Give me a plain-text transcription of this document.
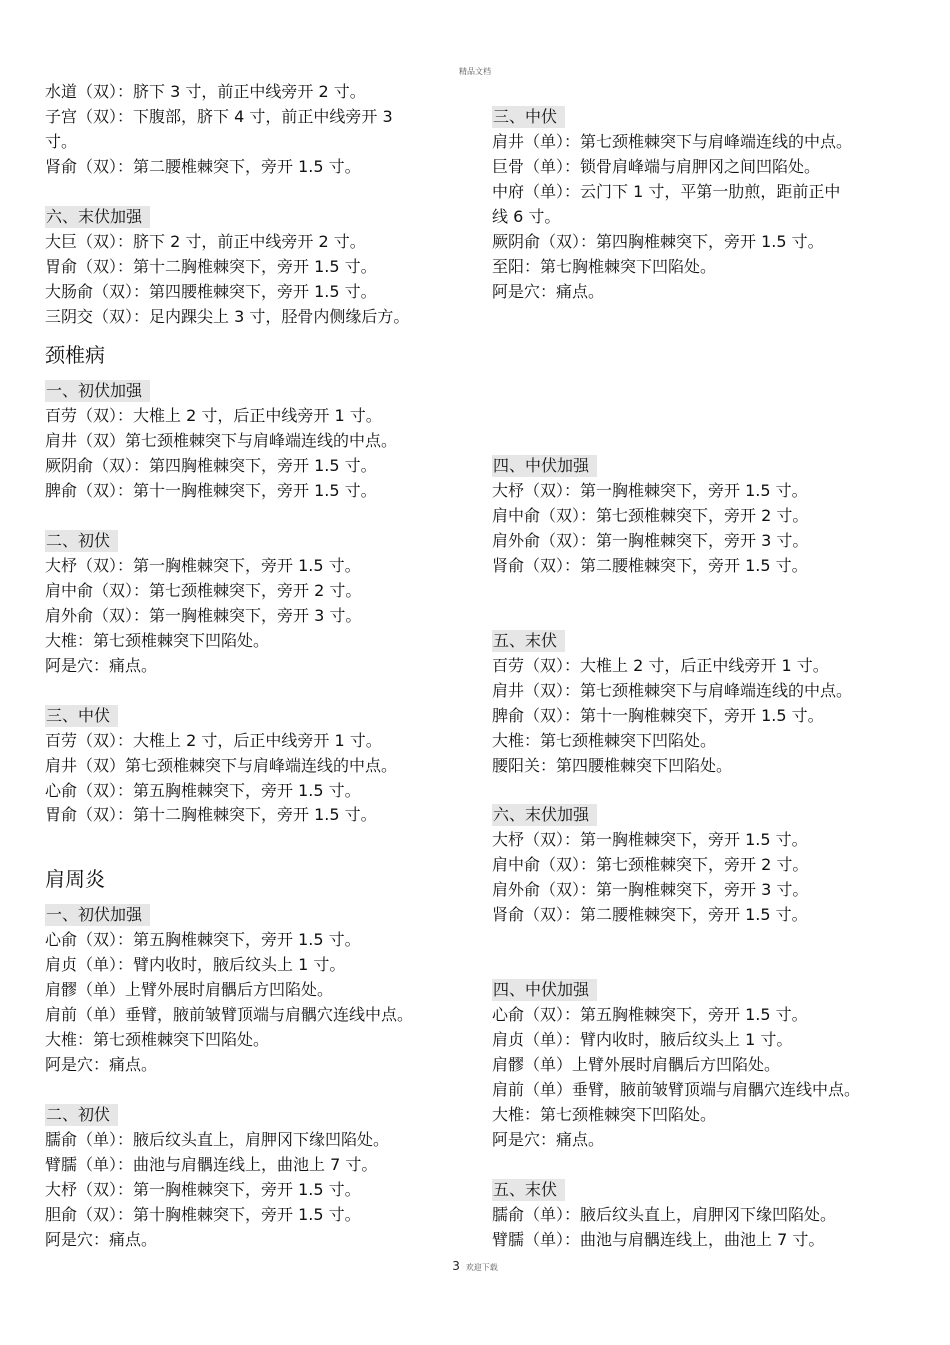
精品文档
水道（双）：脐下 3 寸，前正中线旁开 2 寸。
子宫（双）：下腹部，脐下 4 寸，前正中线旁开 3
寸。
肾俞（双）：第二腰椎棘突下，旁开 1.5 寸。
六、末伏加强
大巨（双）：脐下 2 寸，前正中线旁开 2 寸。
胃俞（双）：第十二胸椎棘突下，旁开 1.5 寸。
大肠俞（双）：第四腰椎棘突下，旁开 1.5 寸。
三阴交（双）：足内踝尖上 3 寸，胫骨内侧缘后方。
颈椎病
一、初伏加强
百劳（双）：大椎上 2 寸，后正中线旁开 1 寸。
肩井（双）第七颈椎棘突下与肩峰端连线的中点。
厥阴俞（双）：第四胸椎棘突下，旁开 1.5 寸。
脾俞（双）：第十一胸椎棘突下，旁开 1.5 寸。
二、初伏
大杼（双）：第一胸椎棘突下，旁开 1.5 寸。
肩中俞（双）：第七颈椎棘突下，旁开 2 寸。
肩外俞（双）：第一胸椎棘突下，旁开 3 寸。
大椎：第七颈椎棘突下凹陷处。
阿是穴：痛点。
三、中伏
百劳（双）：大椎上 2 寸，后正中线旁开 1 寸。
肩井（双）第七颈椎棘突下与肩峰端连线的中点。
心俞（双）：第五胸椎棘突下，旁开 1.5 寸。
胃俞（双）：第十二胸椎棘突下，旁开 1.5 寸。
肩周炎
一、初伏加强
心俞（双）：第五胸椎棘突下，旁开 1.5 寸。
肩贞（单）：臂内收时，腋后纹头上 1 寸。
肩髎（单）上臂外展时肩髃后方凹陷处。
肩前（单）垂臂，腋前皱臂顶端与肩髃穴连线中点。
大椎：第七颈椎棘突下凹陷处。
阿是穴：痛点。
二、初伏
臑俞（单）：腋后纹头直上，肩胛冈下缘凹陷处。
臂臑（单）：曲池与肩髃连线上，曲池上 7 寸。
大杼（双）：第一胸椎棘突下，旁开 1.5 寸。
胆俞（双）：第十胸椎棘突下，旁开 1.5 寸。
阿是穴：痛点。
三、中伏
肩井（单）：第七颈椎棘突下与肩峰端连线的中点。
巨骨（单）：锁骨肩峰端与肩胛冈之间凹陷处。
中府（单）：云门下 1 寸，平第一肋煎，距前正中
线 6 寸。
厥阴俞（双）：第四胸椎棘突下，旁开 1.5 寸。
至阳：第七胸椎棘突下凹陷处。
阿是穴：痛点。
四、中伏加强
大杼（双）：第一胸椎棘突下，旁开 1.5 寸。
肩中俞（双）：第七颈椎棘突下，旁开 2 寸。
肩外俞（双）：第一胸椎棘突下，旁开 3 寸。
肾俞（双）：第二腰椎棘突下，旁开 1.5 寸。
五、末伏
百劳（双）：大椎上 2 寸，后正中线旁开 1 寸。
肩井（双）：第七颈椎棘突下与肩峰端连线的中点。
脾俞（双）：第十一胸椎棘突下，旁开 1.5 寸。
大椎：第七颈椎棘突下凹陷处。
腰阳关：第四腰椎棘突下凹陷处。
六、末伏加强
大杼（双）：第一胸椎棘突下，旁开 1.5 寸。
肩中俞（双）：第七颈椎棘突下，旁开 2 寸。
肩外俞（双）：第一胸椎棘突下，旁开 3 寸。
肾俞（双）：第二腰椎棘突下，旁开 1.5 寸。
四、中伏加强
心俞（双）：第五胸椎棘突下，旁开 1.5 寸。
肩贞（单）：臂内收时，腋后纹头上 1 寸。
肩髎（单）上臂外展时肩髃后方凹陷处。
肩前（单）垂臂，腋前皱臂顶端与肩髃穴连线中点。
大椎：第七颈椎棘突下凹陷处。
阿是穴：痛点。
五、末伏
臑俞（单）：腋后纹头直上，肩胛冈下缘凹陷处。
臂臑（单）：曲池与肩髃连线上，曲池上 7 寸。
3 欢迎下载
